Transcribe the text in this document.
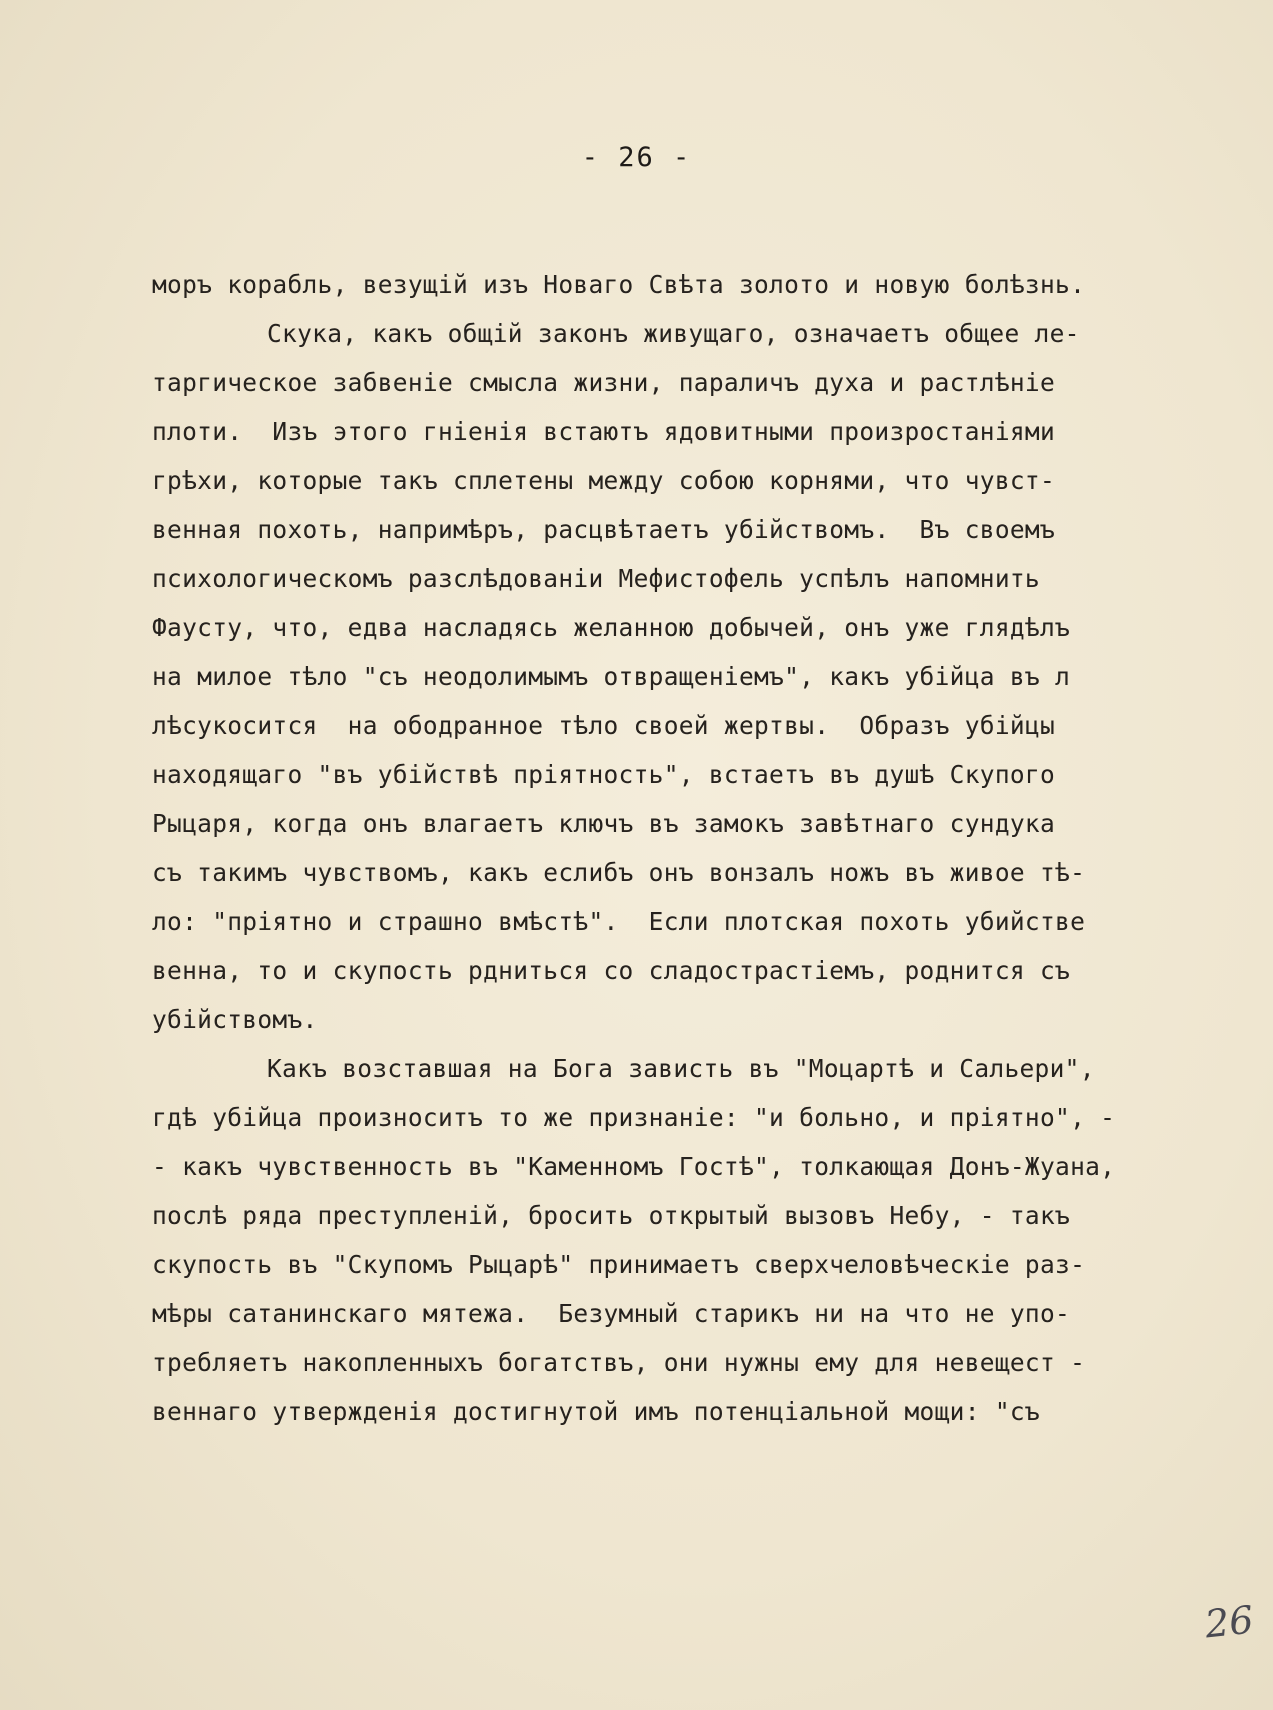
- 26 -
моръ корабль, везущій изъ Новаго Свѣта золото и новую болѣзнь.
Скука, какъ общій законъ живущаго, означаетъ общее ле-
таргическое забвеніе смысла жизни, параличъ духа и растлѣніе
плоти.  Изъ этого гніенія встаютъ ядовитными произростаніями
грѣхи, которые такъ сплетены между собою корнями, что чувст-
венная похоть, напримѣръ, расцвѣтаетъ убійствомъ.  Въ своемъ
психологическомъ разслѣдованіи Мефистофель успѣлъ напомнить
Фаусту, что, едва насладясь желанною добычей, онъ уже глядѣлъ
на милое тѣло "съ неодолимымъ отвращеніемъ", какъ убійца въ л
лѣсукосится  на ободранное тѣло своей жертвы.  Образъ убійцы
находящаго "въ убійствѣ пріятность", встаетъ въ душѣ Скупого
Рыцаря, когда онъ влагаетъ ключъ въ замокъ завѣтнаго сундука
съ такимъ чувствомъ, какъ еслибъ онъ вонзалъ ножъ въ живое тѣ-
ло: "пріятно и страшно вмѣстѣ".  Если плотская похоть убийстве
венна, то и скупость рдниться со сладострастіемъ, роднится съ
убійствомъ.
Какъ возставшая на Бога зависть въ "Моцартѣ и Сальери",
гдѣ убійца произноситъ то же признаніе: "и больно, и пріятно", -
- какъ чувственность въ "Каменномъ Гостѣ", толкающая Донъ-Жуана,
послѣ ряда преступленій, бросить открытый вызовъ Небу, - такъ
скупость въ "Скупомъ Рыцарѣ" принимаетъ сверхчеловѣческіе раз-
мѣры сатанинскаго мятежа.  Безумный старикъ ни на что не упо-
требляетъ накопленныхъ богатствъ, они нужны ему для невещест -
веннаго утвержденія достигнутой имъ потенціальной мощи: "съ
26
